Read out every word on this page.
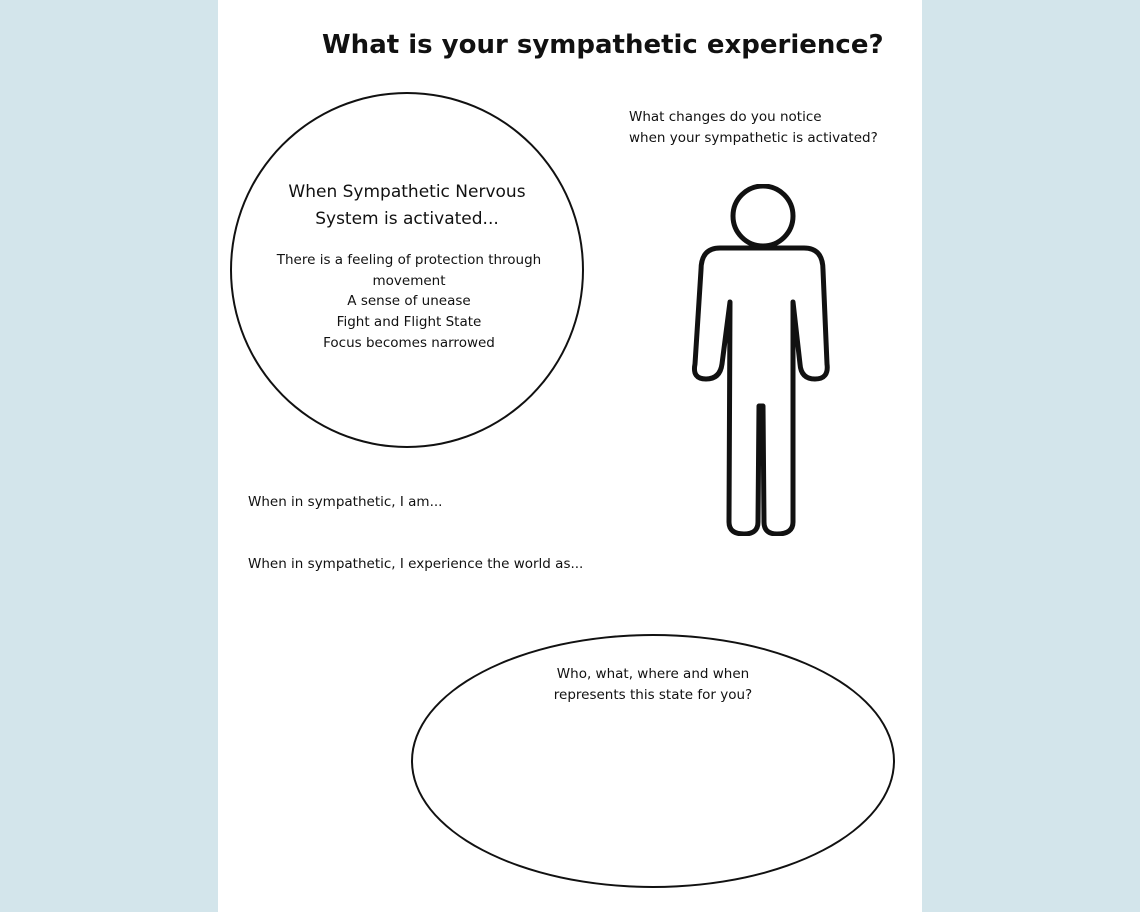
What is your sympathetic experience?
When Sympathetic Nervous
System is activated...
There is a feeling of protection through
movement
A sense of unease
Fight and Flight State
Focus becomes narrowed

What changes do you notice
when your sympathetic is activated?

When in sympathetic, I am...

When in sympathetic, I experience the world as...

Who, what, where and when
represents this state for you?
